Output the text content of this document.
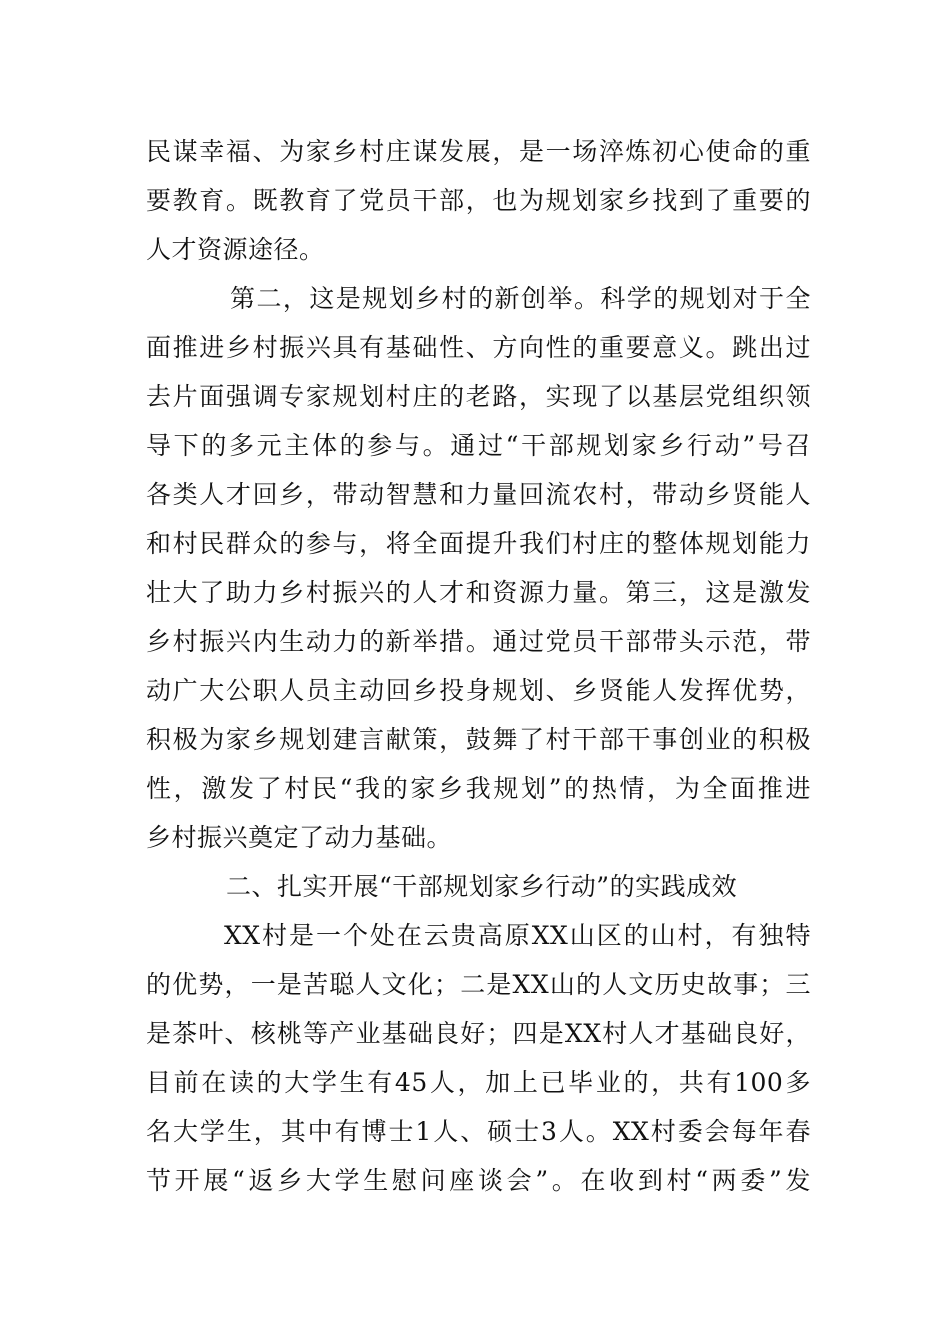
民谋幸福、为家乡村庄谋发展，是一场淬炼初心使命的重
要教育。既教育了党员干部，也为规划家乡找到了重要的
人才资源途径。
第二，这是规划乡村的新创举。科学的规划对于全
面推进乡村振兴具有基础性、方向性的重要意义。跳出过
去片面强调专家规划村庄的老路，实现了以基层党组织领
导下的多元主体的参与。通过“干部规划家乡行动”号召
各类人才回乡，带动智慧和力量回流农村，带动乡贤能人
和村民群众的参与，将全面提升我们村庄的整体规划能力
壮大了助力乡村振兴的人才和资源力量。第三，这是激发
乡村振兴内生动力的新举措。通过党员干部带头示范，带
动广大公职人员主动回乡投身规划、乡贤能人发挥优势，
积极为家乡规划建言献策，鼓舞了村干部干事创业的积极
性，激发了村民“我的家乡我规划”的热情，为全面推进
乡村振兴奠定了动力基础。
二、扎实开展“干部规划家乡行动”的实践成效
XX村是一个处在云贵高原XX山区的山村，有独特
的优势，一是苦聪人文化；二是XX山的人文历史故事；三
是茶叶、核桃等产业基础良好；四是XX村人才基础良好，
目前在读的大学生有45人，加上已毕业的，共有100多
名大学生，其中有博士1人、硕士3人。XX村委会每年春
节开展“返乡大学生慰问座谈会”。在收到村“两委”发
